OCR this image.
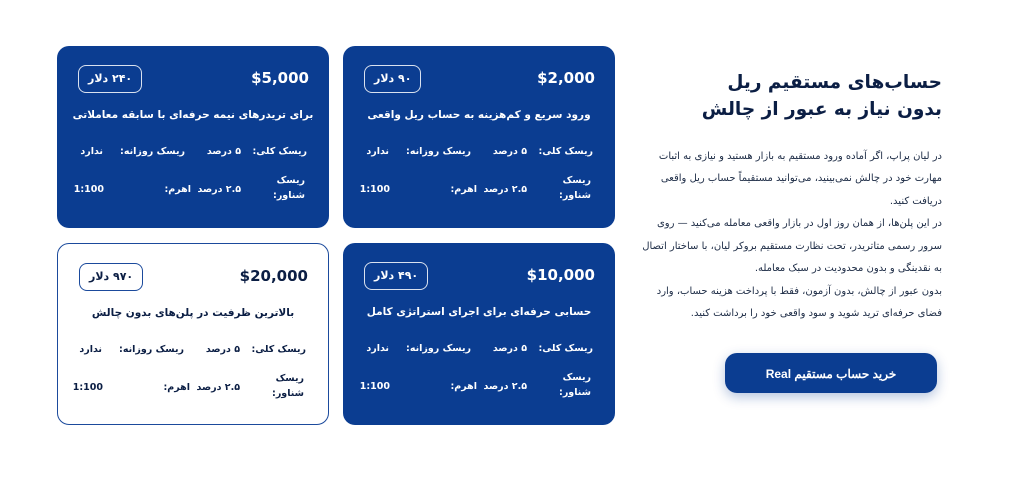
$5,000
۲۴۰ دلار
برای تریدرهای نیمه حرفه‌ای با سابقه معاملاتی
ریسک کلی:
۵ درصد
ریسک روزانه:
ندارد
ریسک شناور:
۲.۵ درصد
اهرم:
1:100
$2,000
۹۰ دلار
ورود سریع و کم‌هزینه به حساب ریل واقعی
ریسک کلی:
۵ درصد
ریسک روزانه:
ندارد
ریسک شناور:
۲.۵ درصد
اهرم:
1:100
$20,000
۹۷۰ دلار
بالاترین ظرفیت در پلن‌های بدون چالش
ریسک کلی:
۵ درصد
ریسک روزانه:
ندارد
ریسک شناور:
۲.۵ درصد
اهرم:
1:100
$10,000
۴۹۰ دلار
حسابی حرفه‌ای برای اجرای استراتژی کامل
ریسک کلی:
۵ درصد
ریسک روزانه:
ندارد
ریسک شناور:
۲.۵ درصد
اهرم:
1:100
حساب‌های مستقیم ریل
بدون نیاز به عبور از چالش

در لیان پراپ، اگر آماده ورود مستقیم به بازار هستید و نیازی به اثبات مهارت خود در چالش نمی‌بینید، می‌توانید مستقیماً حساب ریل واقعی دریافت کنید.

در این پلن‌ها، از همان روز اول در بازار واقعی معامله می‌کنید — روی سرور رسمی متاتریدر، تحت نظارت مستقیم بروکر لیان، با ساختار اتصال به نقدینگی و بدون محدودیت در سبک معامله.

بدون عبور از چالش، بدون آزمون، فقط با پرداخت هزینه حساب، وارد فضای حرفه‌ای ترید شوید و سود واقعی خود را برداشت کنید.

خرید حساب مستقیم Real
